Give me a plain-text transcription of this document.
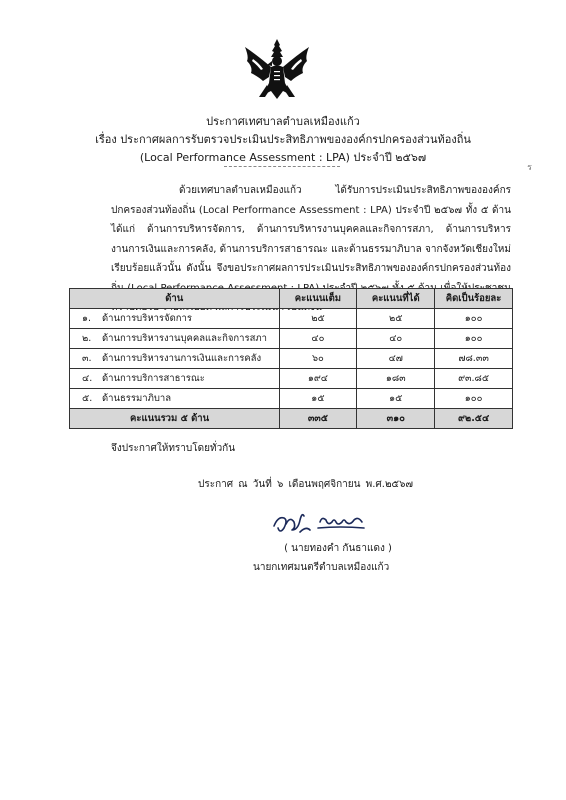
ประกาศเทศบาลตำบลเหมืองแก้ว
เรื่อง ประกาศผลการรับตรวจประเมินประสิทธิภาพขององค์กรปกครองส่วนท้องถิ่น
(Local Performance Assessment : LPA) ประจำปี ๒๕๖๗
ร
ด้วยเทศบาลตำบลเหมืองแก้ว ได้รับการประเมินประสิทธิภาพขององค์กรปกครองส่วนท้องถิ่น (Local Performance Assessment : LPA) ประจำปี ๒๕๖๗ ทั้ง ๕ ด้าน ได้แก่ ด้านการบริหารจัดการ, ด้านการบริหารงานบุคคลและกิจการสภา, ด้านการบริหารงานการเงินและการคลัง, ด้านการบริการสาธารณะ และด้านธรรมาภิบาล จากจังหวัดเชียงใหม่เรียบร้อยแล้วนั้น ดังนั้น จึงขอประกาศผลการประเมินประสิทธิภาพขององค์กรปกครองส่วนท้อง
ด้าน	คะแนนเต็ม	คะแนนที่ได้	คิดเป็นร้อยละ
๑. ด้านการบริหารจัดการ	๒๕	๒๕	๑๐๐
๒. ด้านการบริหารงานบุคคลและกิจการสภา	๔๐	๔๐	๑๐๐
๓. ด้านการบริหารงานการเงินและการคลัง	๖๐	๔๗	๗๘.๓๓
๔. ด้านการบริการสาธารณะ	๑๙๔	๑๘๓	๙๓.๘๕
๕. ด้านธรรมาภิบาล	๑๕	๑๕	๑๐๐
คะแนนรวม ๕ ด้าน	๓๓๕	๓๑๐	๙๒.๕๔
จึงประกาศให้ทราบโดยทั่วกัน
ประกาศ ณ วันที่ ๖ เดือนพฤศจิกายน พ.ศ.๒๕๖๗
( นายทองคำ กันธาแดง )
นายกเทศมนตรีตำบลเหมืองแก้ว
